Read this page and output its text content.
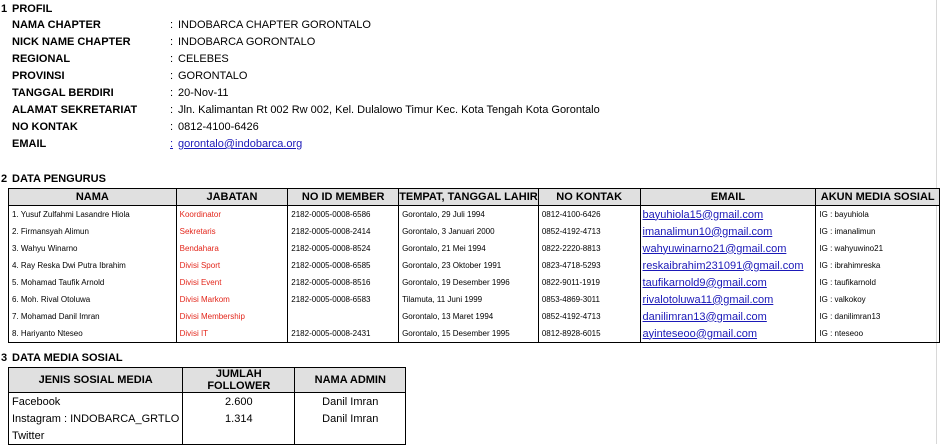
1 PROFIL
NAMA CHAPTER	: INDOBARCA CHAPTER GORONTALO
NICK NAME CHAPTER	: INDOBARCA GORONTALO
REGIONAL	: CELEBES
PROVINSI	: GORONTALO
TANGGAL BERDIRI	: 20-Nov-11
ALAMAT SEKRETARIAT	: Jln. Kalimantan Rt 002 Rw 002, Kel. Dulalowo Timur Kec. Kota Tengah Kota Gorontalo
NO KONTAK	: 0812-4100-6426
EMAIL	: gorontalo@indobarca.org
2 DATA PENGURUS
NAMA	JABATAN	NO ID MEMBER	TEMPAT, TANGGAL LAHIR	NO KONTAK	EMAIL	AKUN MEDIA SOSIAL
1. Yusuf Zulfahmi Lasandre Hiola	Koordinator	2182-0005-0008-6586	Gorontalo, 29 Juli 1994	0812-4100-6426	bayuhiola15@gmail.com	IG : bayuhiola
2. Firmansyah Alimun	Sekretaris	2182-0005-0008-2414	Gorontalo, 3 Januari 2000	0852-4192-4713	imanalimun10@gmail.com	IG : imanalimun
3. Wahyu Winarno	Bendahara	2182-0005-0008-8524	Gorontalo, 21 Mei 1994	0822-2220-8813	wahyuwinarno21@gmail.com	IG : wahyuwino21
4. Ray Reska Dwi Putra Ibrahim	Divisi Sport	2182-0005-0008-6585	Gorontalo, 23 Oktober 1991	0823-4718-5293	reskaibrahim231091@gmail.com	IG : ibrahimreska
5. Mohamad Taufik Arnold	Divisi Event	2182-0005-0008-8516	Gorontalo, 19 Desember 1996	0822-9011-1919	taufikarnold9@gmail.com	IG : taufikarnold
6. Moh. Rival Otoluwa	Divisi Markom	2182-0005-0008-6583	Tilamuta, 11 Juni 1999	0853-4869-3011	rivalotoluwa11@gmail.com	IG : valkokoy
7. Mohamad Danil Imran	Divisi Membership		Gorontalo, 13 Maret 1994	0852-4192-4713	danilimran13@gmail.com	IG : danilimran13
8. Hariyanto Nteseo	Divisi IT	2182-0005-0008-2431	Gorontalo, 15 Desember 1995	0812-8928-6015	ayinteseoo@gmail.com	IG : nteseoo
3 DATA MEDIA SOSIAL
JENIS SOSIAL MEDIA	JUMLAH FOLLOWER	NAMA ADMIN
Facebook	2.600	Danil Imran
Instagram : INDOBARCA_GRTLO	1.314	Danil Imran
Twitter		
